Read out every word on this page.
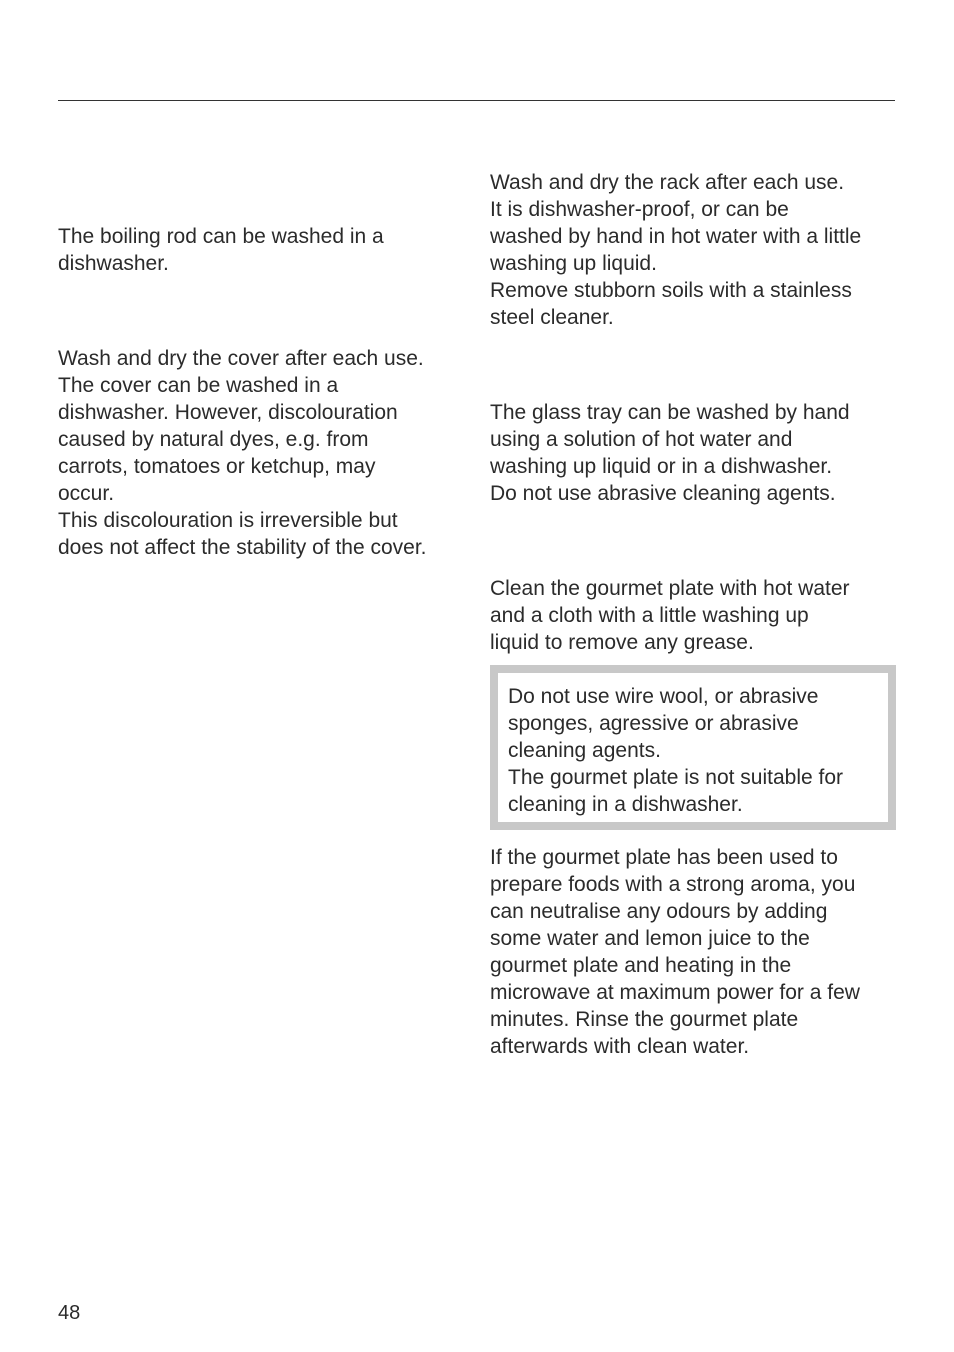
The boiling rod can be washed in a
dishwasher.

Wash and dry the cover after each use.
The cover can be washed in a
dishwasher. However, discolouration
caused by natural dyes, e.g. from
carrots, tomatoes or ketchup, may
occur.
This discolouration is irreversible but
does not affect the stability of the cover.

Wash and dry the rack after each use.
It is dishwasher-proof, or can be
washed by hand in hot water with a little
washing up liquid.
Remove stubborn soils with a stainless
steel cleaner.

The glass tray can be washed by hand
using a solution of hot water and
washing up liquid or in a dishwasher.
Do not use abrasive cleaning agents.

Clean the gourmet plate with hot water
and a cloth with a little washing up
liquid to remove any grease.

Do not use wire wool, or abrasive
sponges, agressive or abrasive
cleaning agents.
The gourmet plate is not suitable for
cleaning in a dishwasher.

If the gourmet plate has been used to
prepare foods with a strong aroma, you
can neutralise any odours by adding
some water and lemon juice to the
gourmet plate and heating in the
microwave at maximum power for a few
minutes. Rinse the gourmet plate
afterwards with clean water.

48
